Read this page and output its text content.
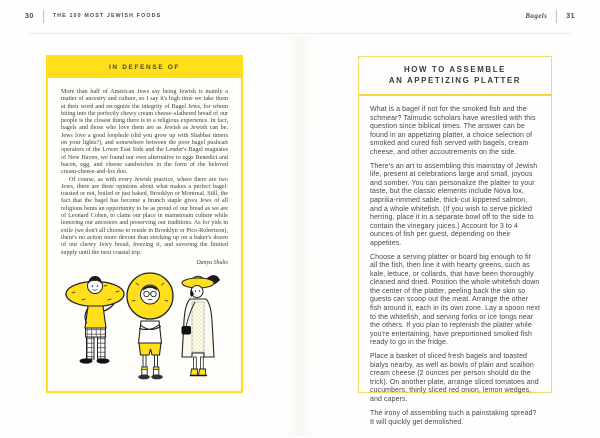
30	THE 100 MOST JEWISH FOODS	Bagels	31
IN DEFENSE OF

More than half of American Jews say being Jewish is mainly a matter of ancestry and culture, so I say it's high time we take them at their word and recognize the integrity of Bagel Jews, for whom biting into the perfectly chewy cream cheese–slathered bread of our people is the closest thing there is to a religious experience. In fact, bagels and those who love them are as Jewish as Jewish can be. Jews love a good loophole (did you grow up with Shabbat timers on your lights?), and somewhere between the poor bagel pushcart operators of the Lower East Side and the Lender's Bagel magnates of New Haven, we found our own alternative to eggs Benedict and bacon, egg, and cheese sandwiches in the form of the beloved cream-cheese-and-lox duo.

Of course, as with every Jewish practice, where there are two Jews, there are three opinions about what makes a perfect bagel: toasted or not, boiled or just baked, Brooklyn or Montreal. Still, the fact that the bagel has become a brunch staple gives Jews of all religious bents an opportunity to be as proud of our bread as we are of Leonard Cohen, to claim our place in mainstream culture while honoring our ancestors and preserving our traditions. As for yids in exile (we don't all choose to reside in Brooklyn or Pico-Robertson), there's no action more devout than stocking up on a baker's dozen of our chewy Jewy bread, freezing it, and savoring the limited supply until the next coastal trip.

Danya Shults
HOW TO ASSEMBLE
AN APPETIZING PLATTER

What is a bagel if not for the smoked fish and the schmear? Talmudic scholars have wrestled with this question since biblical times. The answer can be found in an appetizing platter, a choice selection of smoked and cured fish served with bagels, cream cheese, and other accoutrements on the side.

There's an art to assembling this mainstay of Jewish life, present at celebrations large and small, joyous and somber. You can personalize the platter to your taste, but the classic elements include Nova lox, paprika-rimmed sable, thick-cut kippered salmon, and a whole whitefish. (If you wish to serve pickled herring, place it in a separate bowl off to the side to contain the vinegary juices.) Account for 3 to 4 ounces of fish per guest, depending on their appetites.

Choose a serving platter or board big enough to fit all the fish, then line it with hearty greens, such as kale, lettuce, or collards, that have been thoroughly cleaned and dried. Position the whole whitefish down the center of the platter, peeling back the skin so guests can scoop out the meat. Arrange the other fish around it, each in its own zone. Lay a spoon next to the whitefish, and serving forks or ice tongs near the others. If you plan to replenish the platter while you're entertaining, have preportioned smoked fish ready to go in the fridge.

Place a basket of sliced fresh bagels and toasted bialys nearby, as well as bowls of plain and scallion cream cheese (2 ounces per person should do the trick). On another plate, arrange sliced tomatoes and cucumbers, thinly sliced red onion, lemon wedges, and capers.

The irony of assembling such a painstaking spread? It will quickly get demolished.
